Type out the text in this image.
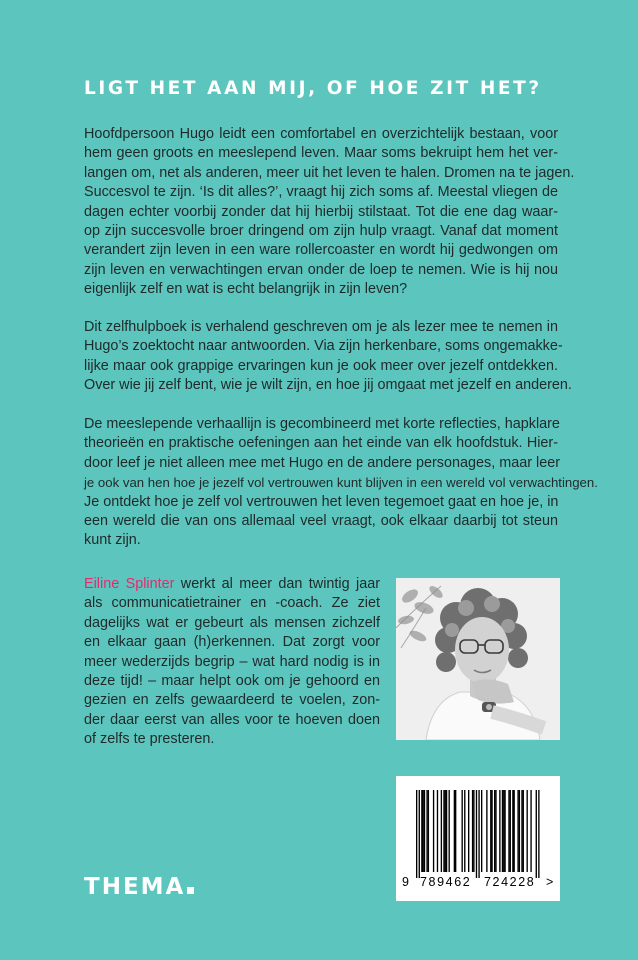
LIGT HET AAN MIJ, OF HOE ZIT HET?

Hoofdpersoon Hugo leidt een comfortabel en overzichtelijk bestaan, voor
hem geen groots en meeslepend leven. Maar soms bekruipt hem het ver-
langen om, net als anderen, meer uit het leven te halen. Dromen na te jagen.
Succesvol te zijn. ‘Is dit alles?’, vraagt hij zich soms af. Meestal vliegen de
dagen echter voorbij zonder dat hij hierbij stilstaat. Tot die ene dag waar-
op zijn succesvolle broer dringend om zijn hulp vraagt. Vanaf dat moment
verandert zijn leven in een ware rollercoaster en wordt hij gedwongen om
zijn leven en verwachtingen ervan onder de loep te nemen. Wie is hij nou
eigenlijk zelf en wat is echt belangrijk in zijn leven?

Dit zelfhulpboek is verhalend geschreven om je als lezer mee te nemen in
Hugo’s zoektocht naar antwoorden. Via zijn herkenbare, soms ongemakke-
lijke maar ook grappige ervaringen kun je ook meer over jezelf ontdekken.
Over wie jij zelf bent, wie je wilt zijn, en hoe jij omgaat met jezelf en anderen.

De meeslepende verhaallijn is gecombineerd met korte reflecties, hapklare
theorieën en praktische oefeningen aan het einde van elk hoofdstuk. Hier-
door leef je niet alleen mee met Hugo en de andere personages, maar leer
je ook van hen hoe je jezelf vol vertrouwen kunt blijven in een wereld vol verwachtingen.
Je ontdekt hoe je zelf vol vertrouwen het leven tegemoet gaat en hoe je, in
een wereld die van ons allemaal veel vraagt, ook elkaar daarbij tot steun
kunt zijn.

Eiline Splinter werkt al meer dan twintig jaar
als communicatietrainer en -coach. Ze ziet
dagelijks wat er gebeurt als mensen zichzelf
en elkaar gaan (h)erkennen. Dat zorgt voor
meer wederzijds begrip – wat hard nodig is in
deze tijd! – maar helpt ook om je gehoord en
gezien en zelfs gewaardeerd te voelen, zon-
der daar eerst van alles voor te hoeven doen
of zelfs te presteren.

9 789462 724228 >
THEMA
